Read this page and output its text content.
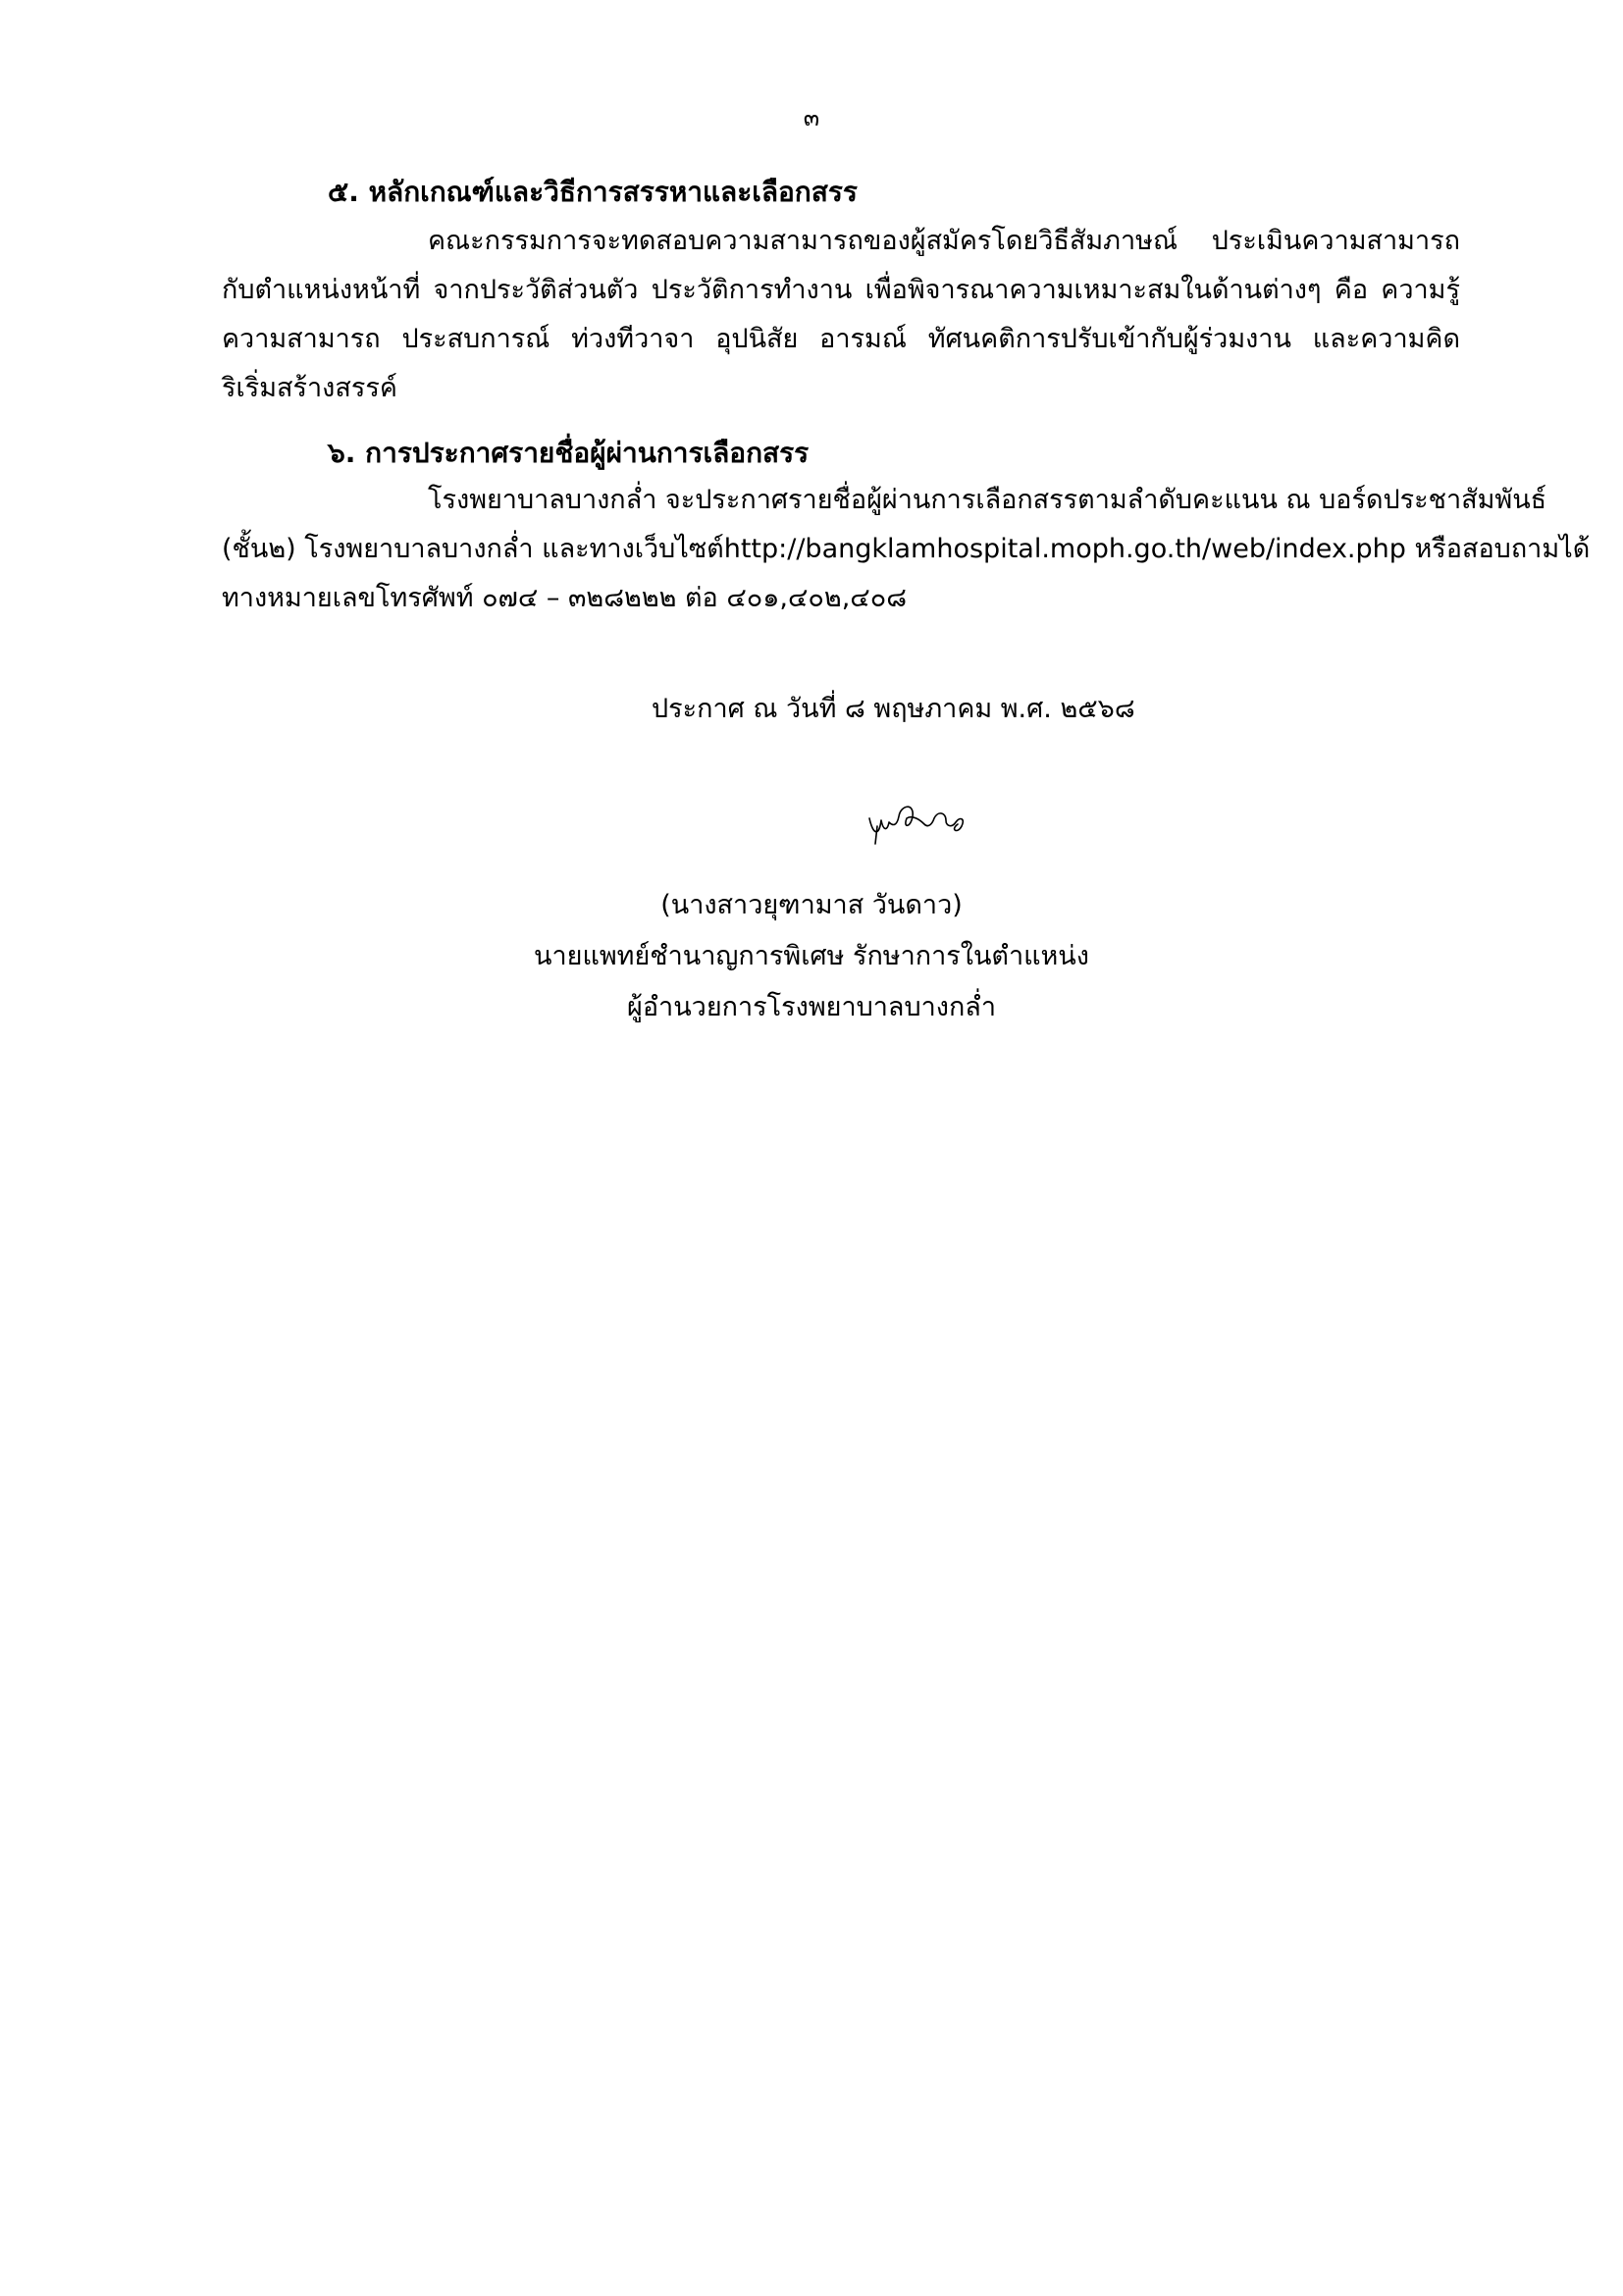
๓
๕. หลักเกณฑ์และวิธีการสรรหาและเลือกสรร
คณะกรรมการจะทดสอบความสามารถของผู้สมัครโดยวิธีสัมภาษณ์ ประเมินความสามารถ
กับตำแหน่งหน้าที่ จากประวัติส่วนตัว ประวัติการทำงาน เพื่อพิจารณาความเหมาะสมในด้านต่างๆ คือ ความรู้
ความสามารถ ประสบการณ์ ท่วงทีวาจา อุปนิสัย อารมณ์ ทัศนคติการปรับเข้ากับผู้ร่วมงาน และความคิด
ริเริ่มสร้างสรรค์
๖. การประกาศรายชื่อผู้ผ่านการเลือกสรร
โรงพยาบาลบางกล่ำ จะประกาศรายชื่อผู้ผ่านการเลือกสรรตามลำดับคะแนน ณ บอร์ดประชาสัมพันธ์
(ชั้น๒) โรงพยาบาลบางกล่ำ และทางเว็บไซต์http://bangklamhospital.moph.go.th/web/index.php หรือสอบถามได้
ทางหมายเลขโทรศัพท์ ๐๗๔ – ๓๒๘๒๒๒ ต่อ ๔๐๑,๔๐๒,๔๐๘
ประกาศ ณ วันที่ ๘ พฤษภาคม พ.ศ. ๒๕๖๘
(นางสาวยุฑามาส วันดาว)
นายแพทย์ชำนาญการพิเศษ รักษาการในตำแหน่ง
ผู้อำนวยการโรงพยาบาลบางกล่ำ
